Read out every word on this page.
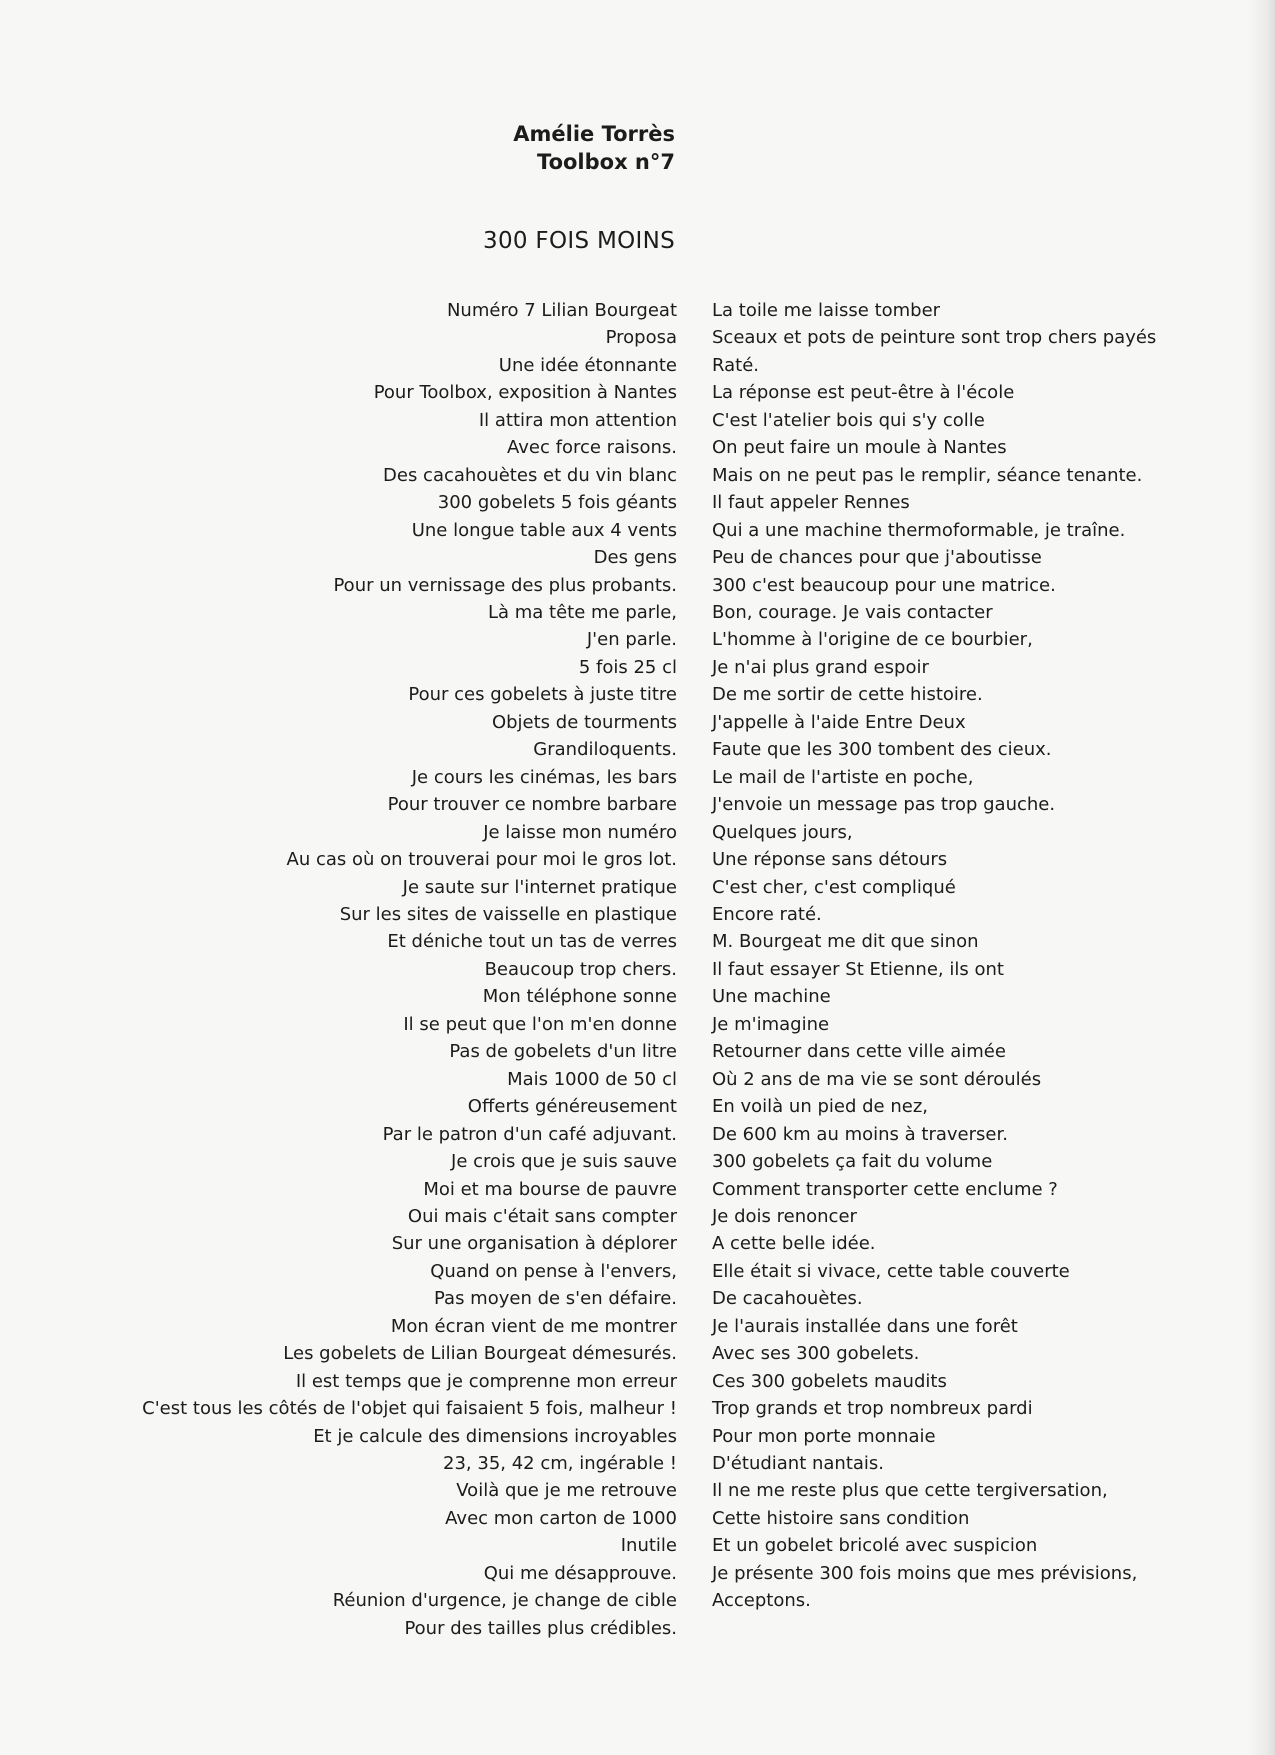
Amélie Torrès
Toolbox n°7
300 FOIS MOINS
Numéro 7 Lilian Bourgeat
Proposa
Une idée étonnante
Pour Toolbox, exposition à Nantes
Il attira mon attention
Avec force raisons.
Des cacahouètes et du vin blanc
300 gobelets 5 fois géants
Une longue table aux 4 vents
Des gens
Pour un vernissage des plus probants.
Là ma tête me parle,
J'en parle.
5 fois 25 cl
Pour ces gobelets à juste titre
Objets de tourments
Grandiloquents.
Je cours les cinémas, les bars
Pour trouver ce nombre barbare
Je laisse mon numéro
Au cas où on trouverai pour moi le gros lot.
Je saute sur l'internet pratique
Sur les sites de vaisselle en plastique
Et déniche tout un tas de verres
Beaucoup trop chers.
Mon téléphone sonne
Il se peut que l'on m'en donne
Pas de gobelets d'un litre
Mais 1000 de 50 cl
Offerts généreusement
Par le patron d'un café adjuvant.
Je crois que je suis sauve
Moi et ma bourse de pauvre
Oui mais c'était sans compter
Sur une organisation à déplorer
Quand on pense à l'envers,
Pas moyen de s'en défaire.
Mon écran vient de me montrer
Les gobelets de Lilian Bourgeat démesurés.
Il est temps que je comprenne mon erreur
C'est tous les côtés de l'objet qui faisaient 5 fois, malheur !
Et je calcule des dimensions incroyables
23, 35, 42 cm, ingérable !
Voilà que je me retrouve
Avec mon carton de 1000
Inutile
Qui me désapprouve.
Réunion d'urgence, je change de cible
Pour des tailles plus crédibles.
La toile me laisse tomber
Sceaux et pots de peinture sont trop chers payés
Raté.
La réponse est peut-être à l'école
C'est l'atelier bois qui s'y colle
On peut faire un moule à Nantes
Mais on ne peut pas le remplir, séance tenante.
Il faut appeler Rennes
Qui a une machine thermoformable, je traîne.
Peu de chances pour que j'aboutisse
300 c'est beaucoup pour une matrice.
Bon, courage. Je vais contacter
L'homme à l'origine de ce bourbier,
Je n'ai plus grand espoir
De me sortir de cette histoire.
J'appelle à l'aide Entre Deux
Faute que les 300 tombent des cieux.
Le mail de l'artiste en poche,
J'envoie un message pas trop gauche.
Quelques jours,
Une réponse sans détours
C'est cher, c'est compliqué
Encore raté.
M. Bourgeat me dit que sinon
Il faut essayer St Etienne, ils ont
Une machine
Je m'imagine
Retourner dans cette ville aimée
Où 2 ans de ma vie se sont déroulés
En voilà un pied de nez,
De 600 km au moins à traverser.
300 gobelets ça fait du volume
Comment transporter cette enclume ?
Je dois renoncer
A cette belle idée.
Elle était si vivace, cette table couverte
De cacahouètes.
Je l'aurais installée dans une forêt
Avec ses 300 gobelets.
Ces 300 gobelets maudits
Trop grands et trop nombreux pardi
Pour mon porte monnaie
D'étudiant nantais.
Il ne me reste plus que cette tergiversation,
Cette histoire sans condition
Et un gobelet bricolé avec suspicion
Je présente 300 fois moins que mes prévisions,
Acceptons.
